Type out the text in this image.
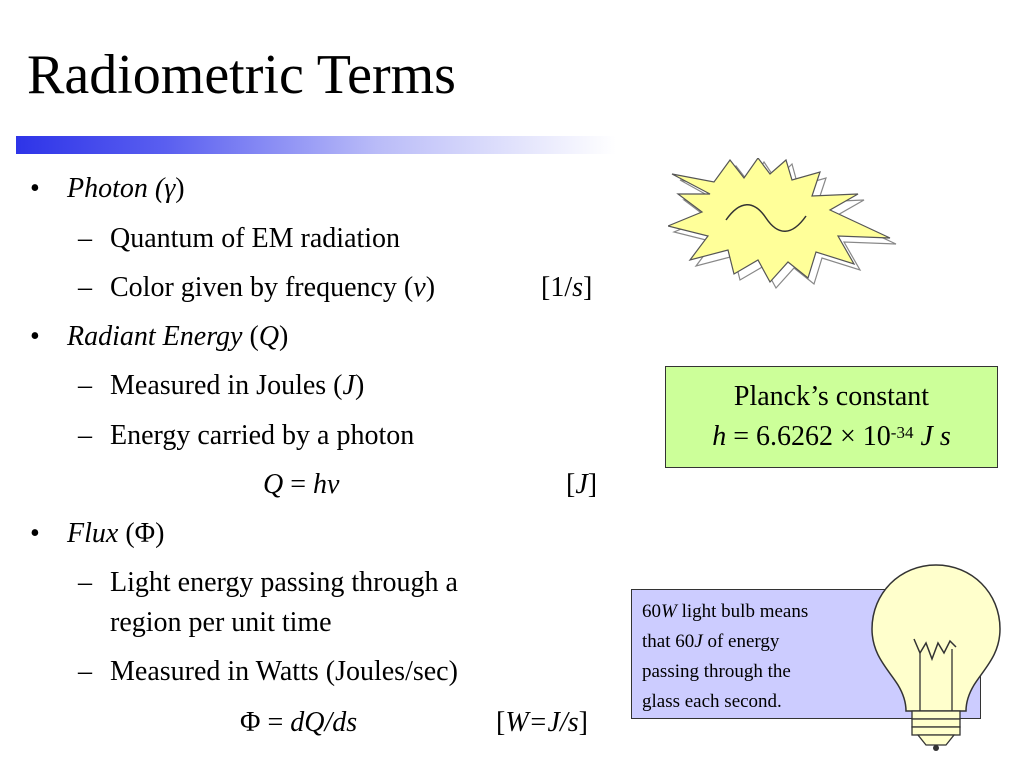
Radiometric Terms
• Photon (γ)
– Quantum of EM radiation
– Color given by frequency (ν)	[1/s]
• Radiant Energy (Q)
– Measured in Joules (J)
– Energy carried by a photon
Q = hν	[J]
• Flux (Φ)
– Light energy passing through a
region per unit time
– Measured in Watts (Joules/sec)
Φ = dQ/ds	[W=J/s]
Planck’s constant
$h = 6.6262 \times 10^{-34}$ J s
60W light bulb means
that 60J of energy
passing through the
glass each second.
